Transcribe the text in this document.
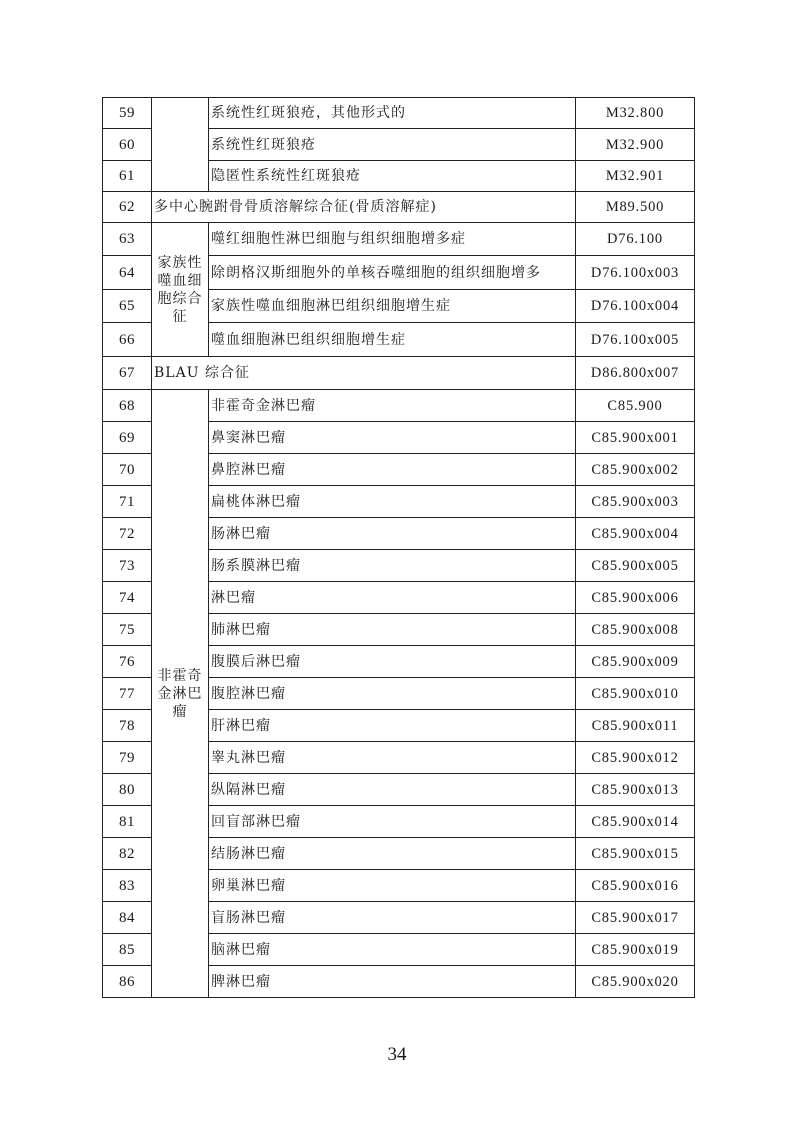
59		系统性红斑狼疮，其他形式的	M32.800
60		系统性红斑狼疮	M32.900
61		隐匿性系统性红斑狼疮	M32.901
62	多中心腕跗骨骨质溶解综合征(骨质溶解症)		M89.500
63	家族性噬血细胞综合征	噬红细胞性淋巴细胞与组织细胞增多症	D76.100
64		除朗格汉斯细胞外的单核吞噬细胞的组织细胞增多	D76.100x003
65		家族性噬血细胞淋巴组织细胞增生症	D76.100x004
66		噬血细胞淋巴组织细胞增生症	D76.100x005
67	BLAU 综合征		D86.800x007
68	非霍奇金淋巴瘤	非霍奇金淋巴瘤	C85.900
69		鼻窦淋巴瘤	C85.900x001
70		鼻腔淋巴瘤	C85.900x002
71		扁桃体淋巴瘤	C85.900x003
72		肠淋巴瘤	C85.900x004
73		肠系膜淋巴瘤	C85.900x005
74		淋巴瘤	C85.900x006
75		肺淋巴瘤	C85.900x008
76		腹膜后淋巴瘤	C85.900x009
77		腹腔淋巴瘤	C85.900x010
78		肝淋巴瘤	C85.900x011
79		睾丸淋巴瘤	C85.900x012
80		纵隔淋巴瘤	C85.900x013
81		回盲部淋巴瘤	C85.900x014
82		结肠淋巴瘤	C85.900x015
83		卵巢淋巴瘤	C85.900x016
84		盲肠淋巴瘤	C85.900x017
85		脑淋巴瘤	C85.900x019
86		脾淋巴瘤	C85.900x020
34
